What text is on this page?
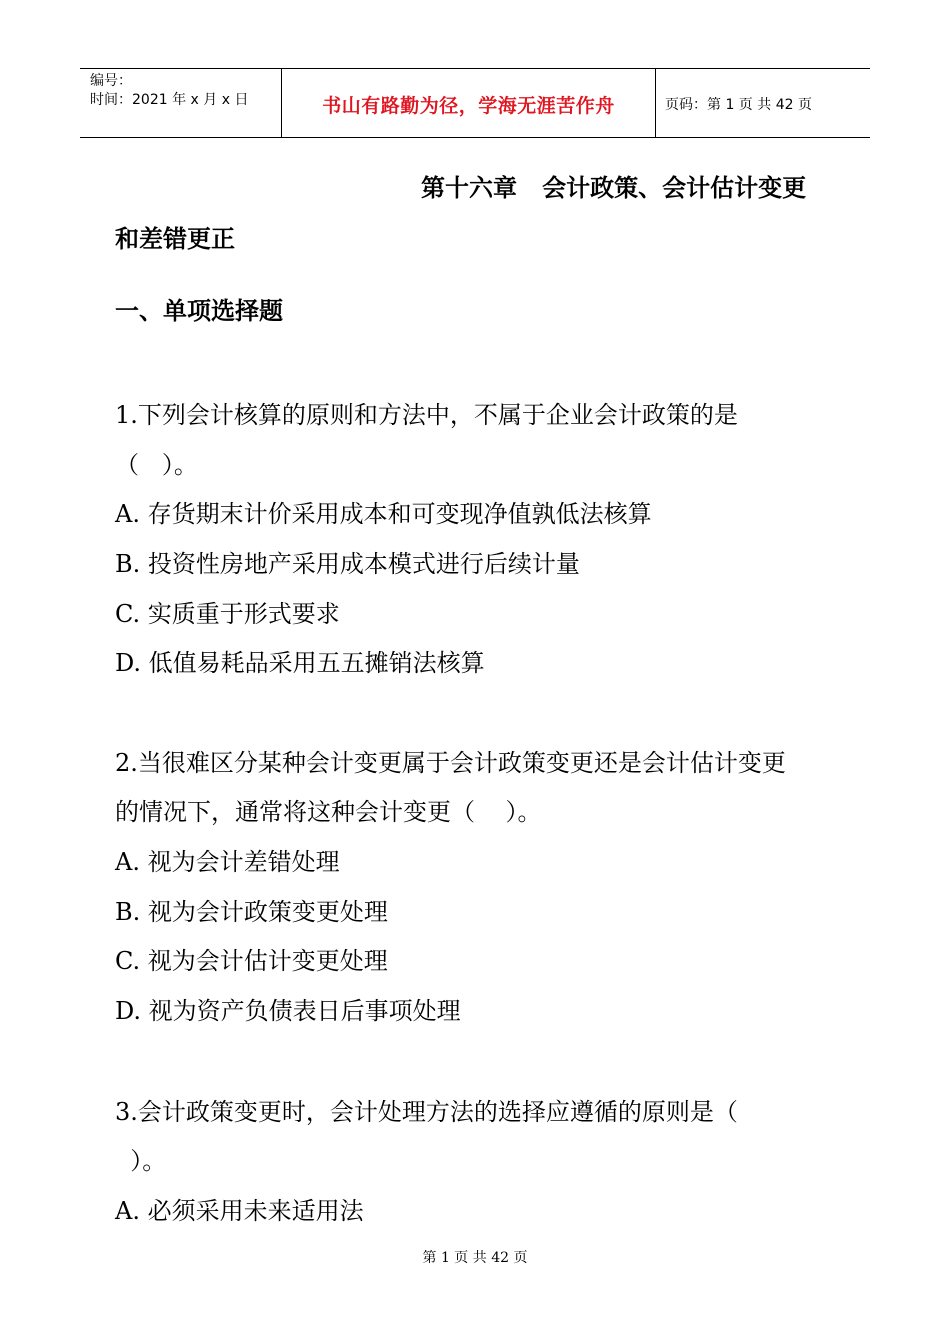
编号：
时间：2021 年 x 月 x 日	书山有路勤为径，学海无涯苦作舟	页码：第 1 页 共 42 页
第十六章   会计政策、会计估计变更
和差错更正
一、单项选择题
1.下列会计核算的原则和方法中，不属于企业会计政策的是
（   ）。
A. 存货期末计价采用成本和可变现净值孰低法核算
B. 投资性房地产采用成本模式进行后续计量
C. 实质重于形式要求
D. 低值易耗品采用五五摊销法核算
2.当很难区分某种会计变更属于会计政策变更还是会计估计变更
的情况下，通常将这种会计变更（    ）。
A. 视为会计差错处理
B. 视为会计政策变更处理
C. 视为会计估计变更处理
D. 视为资产负债表日后事项处理
3.会计政策变更时，会计处理方法的选择应遵循的原则是（
）。
A. 必须采用未来适用法
第 1 页 共 42 页
